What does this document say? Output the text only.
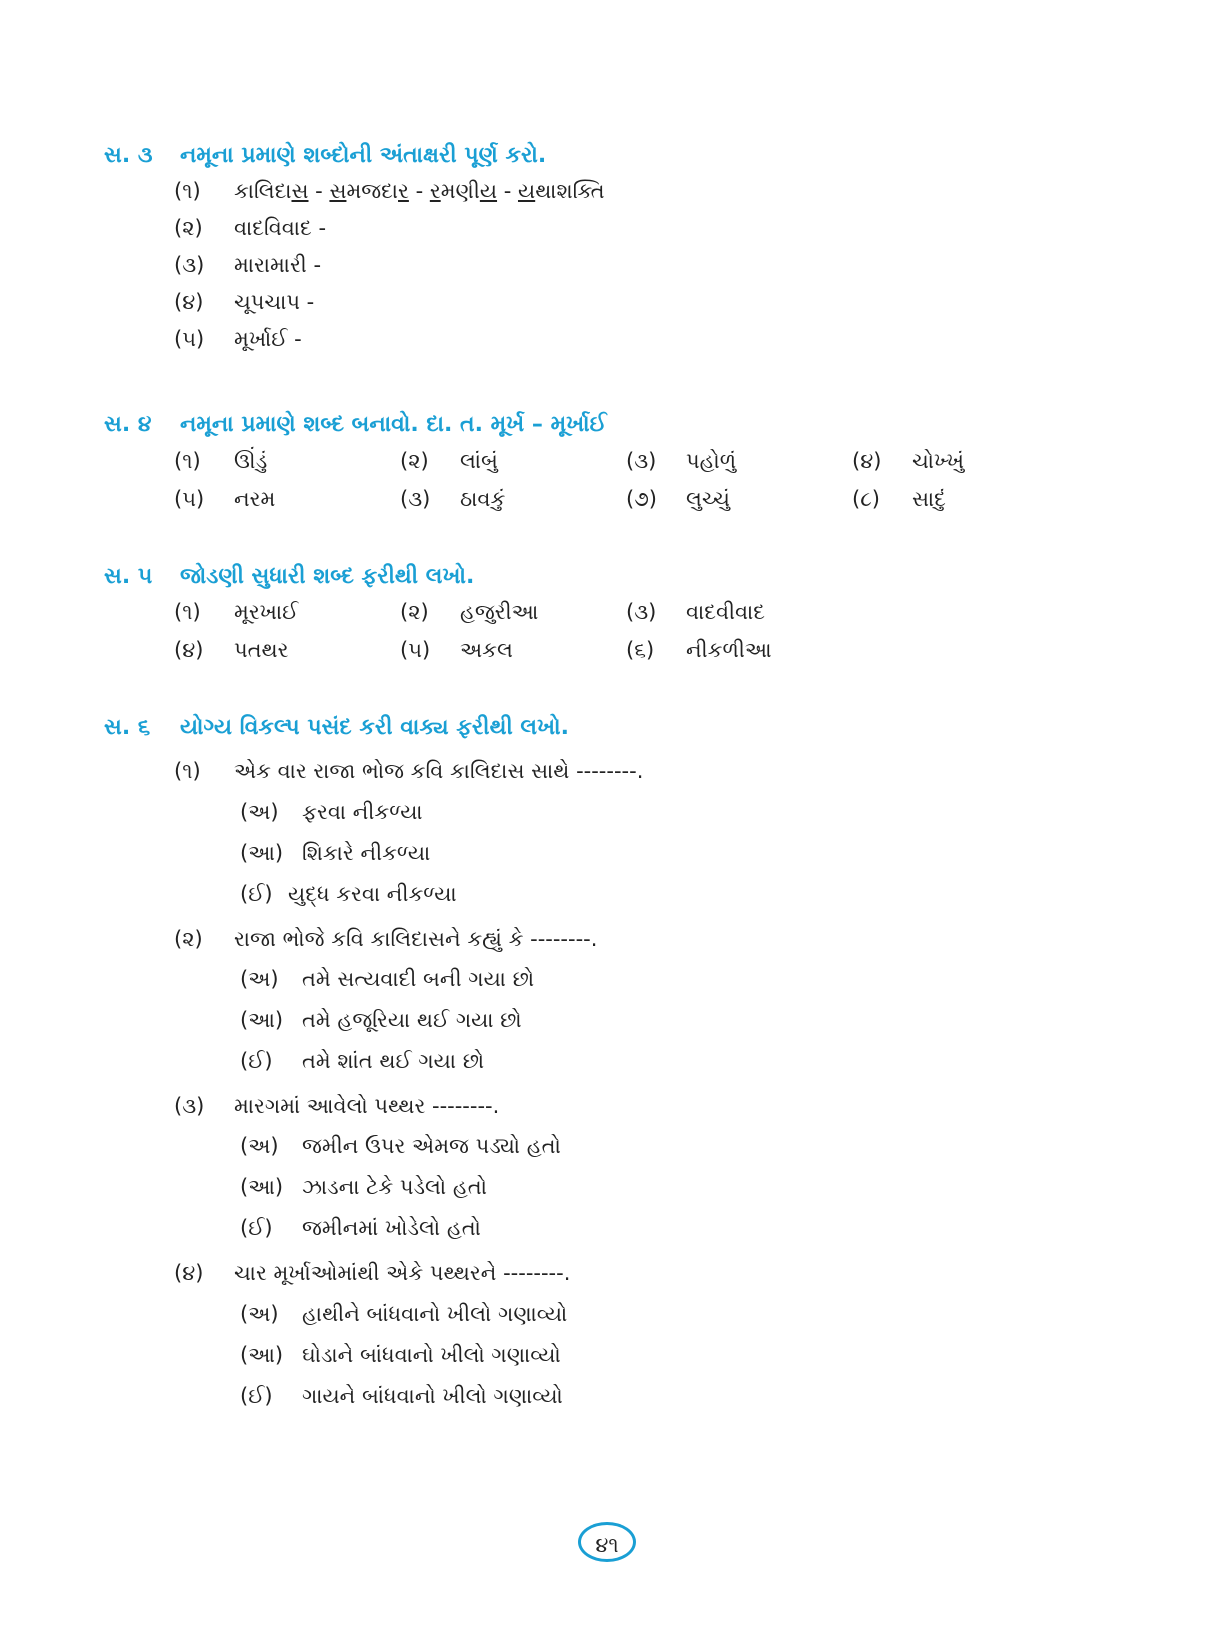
સ. ૩ નમૂના પ્રમાણે શબ્દોની અંતાક્ષરી પૂર્ણ કરો.
(૧) કાલિદાસ - સમજદાર - રમણીય - યથાશક્તિ
(૨) વાદવિવાદ -
(૩) મારામારી -
(૪) ચૂપચાપ -
(૫) મૂર્ખાઈ -
સ. ૪ નમૂના પ્રમાણે શબ્દ બનાવો. દા. ત. મૂર્ખ – મૂર્ખાઈ
(૧) ઊંડું	(૨) લાંબું	(૩) પહોળું	(૪) ચોખ્ખું
(૫) નરમ	(૩) ઠાવકું	(૭) લુચ્ચું	(૮) સાદું
સ. ૫ જોડણી સુધારી શબ્દ ફરીથી લખો.
(૧) મૂરખાઈ	(૨) હજુરીઆ	(૩) વાદવીવાદ
(૪) પતથર	(૫) અકલ	(૬) નીકળીઆ
સ. ૬ યોગ્ય વિકલ્પ પસંદ કરી વાક્ય ફરીથી લખો.
(૧) એક વાર રાજા ભોજ કવિ કાલિદાસ સાથે --------.
(અ) ફરવા નીકળ્યા
(આ) શિકારે નીકળ્યા
(ઈ) યુદ્ધ કરવા નીકળ્યા
(૨) રાજા ભોજે કવિ કાલિદાસને કહ્યું કે --------.
(અ) તમે સત્યવાદી બની ગયા છો
(આ) તમે હજૂરિયા થઈ ગયા છો
(ઈ) તમે શાંત થઈ ગયા છો
(૩) મારગમાં આવેલો પથ્થર --------.
(અ) જમીન ઉપર એમજ પડ્યો હતો
(આ) ઝાડના ટેકે પડેલો હતો
(ઈ) જમીનમાં ખોડેલો હતો
(૪) ચાર મૂર્ખાઓમાંથી એકે પથ્થરને --------.
(અ) હાથીને બાંધવાનો ખીલો ગણાવ્યો
(આ) ઘોડાને બાંધવાનો ખીલો ગણાવ્યો
(ઈ) ગાયને બાંધવાનો ખીલો ગણાવ્યો
૪૧
